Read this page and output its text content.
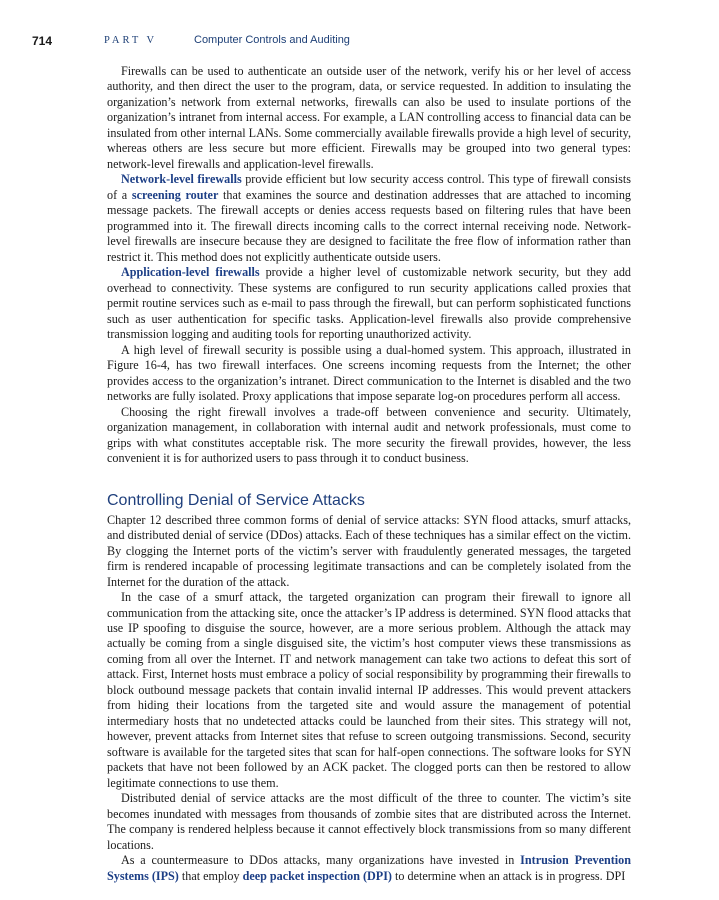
714	PART V	Computer Controls and Auditing

Firewalls can be used to authenticate an outside user of the network, verify his or her level of access authority, and then direct the user to the program, data, or service requested. In addition to insulating the organization’s network from external networks, firewalls can also be used to insulate portions of the organization’s intranet from internal access. For example, a LAN controlling access to financial data can be insulated from other internal LANs. Some commercially available firewalls provide a high level of security, whereas others are less secure but more efficient. Firewalls may be grouped into two general types: network-level firewalls and application-level firewalls.

Network-level firewalls provide efficient but low security access control. This type of firewall consists of a screening router that examines the source and destination addresses that are attached to incoming message packets. The firewall accepts or denies access requests based on filtering rules that have been programmed into it. The firewall directs incoming calls to the correct internal receiving node. Network-level firewalls are insecure because they are designed to facilitate the free flow of information rather than restrict it. This method does not explicitly authenticate outside users.

Application-level firewalls provide a higher level of customizable network security, but they add overhead to connectivity. These systems are configured to run security applications called proxies that permit routine services such as e-mail to pass through the firewall, but can perform sophisticated functions such as user authentication for specific tasks. Application-level firewalls also provide comprehensive transmission logging and auditing tools for reporting unauthorized activity.

A high level of firewall security is possible using a dual-homed system. This approach, illustrated in Figure 16-4, has two firewall interfaces. One screens incoming requests from the Internet; the other provides access to the organization’s intranet. Direct communication to the Internet is disabled and the two networks are fully isolated. Proxy applications that impose separate log-on procedures perform all access.

Choosing the right firewall involves a trade-off between convenience and security. Ultimately, organization management, in collaboration with internal audit and network professionals, must come to grips with what constitutes acceptable risk. The more security the firewall provides, however, the less convenient it is for authorized users to pass through it to conduct business.

Controlling Denial of Service Attacks

Chapter 12 described three common forms of denial of service attacks: SYN flood attacks, smurf attacks, and distributed denial of service (DDos) attacks. Each of these techniques has a similar effect on the victim. By clogging the Internet ports of the victim’s server with fraudulently generated messages, the targeted firm is rendered incapable of processing legitimate transactions and can be completely isolated from the Internet for the duration of the attack.

In the case of a smurf attack, the targeted organization can program their firewall to ignore all communication from the attacking site, once the attacker’s IP address is determined. SYN flood attacks that use IP spoofing to disguise the source, however, are a more serious problem. Although the attack may actually be coming from a single disguised site, the victim’s host computer views these transmissions as coming from all over the Internet. IT and network management can take two actions to defeat this sort of attack. First, Internet hosts must embrace a policy of social responsibility by programming their firewalls to block outbound message packets that contain invalid internal IP addresses. This would prevent attackers from hiding their locations from the targeted site and would assure the management of potential intermediary hosts that no undetected attacks could be launched from their sites. This strategy will not, however, prevent attacks from Internet sites that refuse to screen outgoing transmissions. Second, security software is available for the targeted sites that scan for half-open connections. The software looks for SYN packets that have not been followed by an ACK packet. The clogged ports can then be restored to allow legitimate connections to use them.

Distributed denial of service attacks are the most difficult of the three to counter. The victim’s site becomes inundated with messages from thousands of zombie sites that are distributed across the Internet. The company is rendered helpless because it cannot effectively block transmissions from so many different locations.

As a countermeasure to DDos attacks, many organizations have invested in Intrusion Prevention Systems (IPS) that employ deep packet inspection (DPI) to determine when an attack is in progress. DPI
